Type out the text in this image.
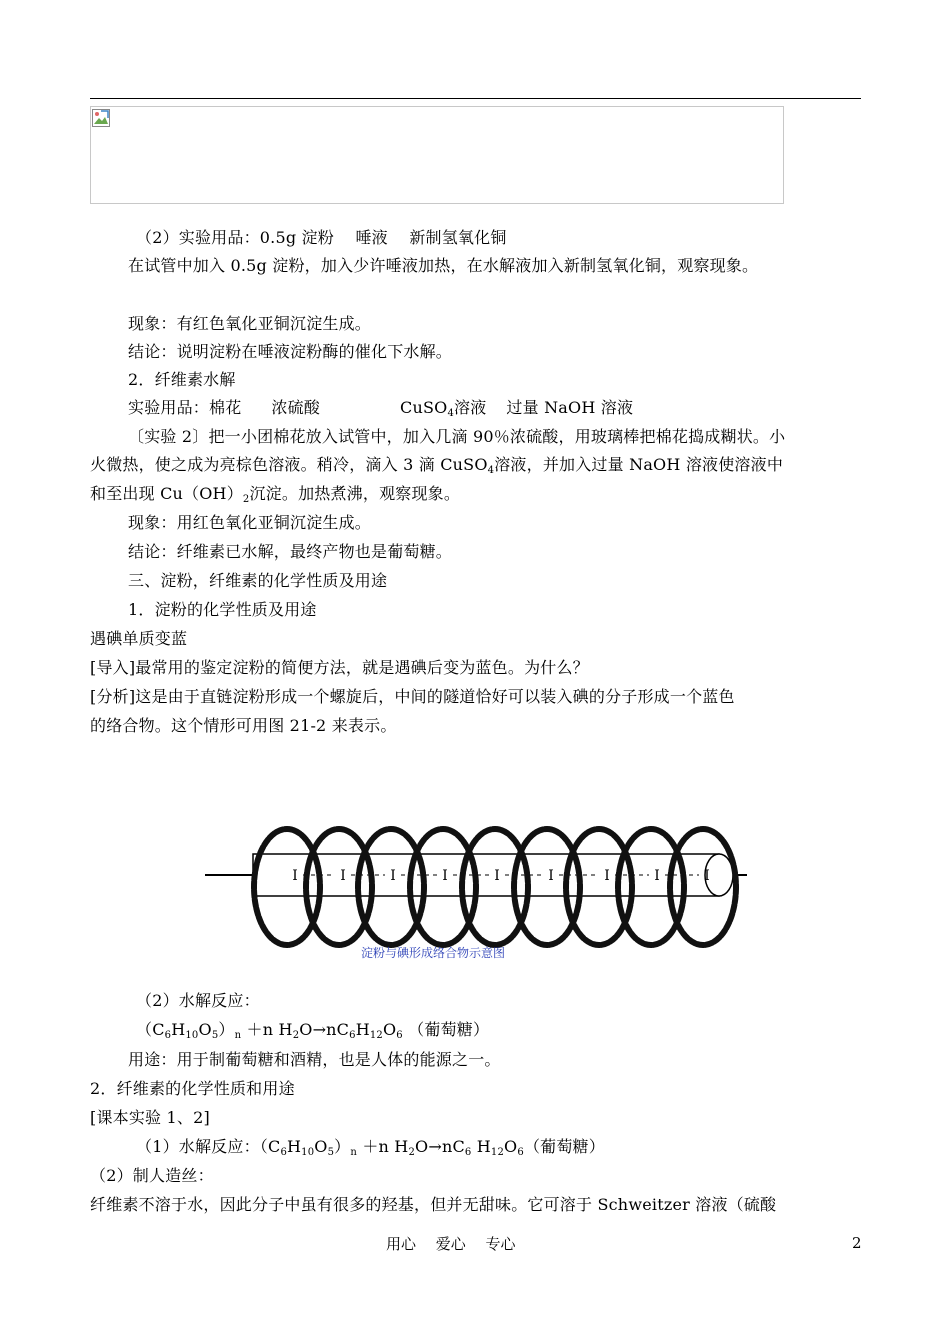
（2）实验用品：0.5g 淀粉　 唾液　 新制氢氧化铜
在试管中加入 0.5g 淀粉，加入少许唾液加热，在水解液加入新制氢氧化铜，观察现象。
现象：有红色氧化亚铜沉淀生成。
结论：说明淀粉在唾液淀粉酶的催化下水解。
2．纤维素水解
实验用品：棉花 浓硫酸	CuSO$_4$溶液 过量 NaOH 溶液
〔实验 2〕把一小团棉花放入试管中，加入几滴 90％浓硫酸，用玻璃棒把棉花捣成糊状。小
火微热，使之成为亮棕色溶液。稍冷，滴入 3 滴 CuSO$_4$溶液，并加入过量 NaOH 溶液使溶液中
和至出现 $Cu(OH)_2$沉淀。加热煮沸，观察现象。
现象：用红色氧化亚铜沉淀生成。
结论：纤维素已水解，最终产物也是葡萄糖。
三、淀粉，纤维素的化学性质及用途
1．淀粉的化学性质及用途
遇碘单质变蓝
[导入]最常用的鉴定淀粉的简便方法，就是遇碘后变为蓝色。为什么？
[分析]这是由于直链淀粉形成一个螺旋后，中间的隧道恰好可以装入碘的分子形成一个蓝色
的络合物。这个情形可用图 21-2 来表示。
I	I	I	I	I	I	I	I	I
淀粉与碘形成络合物示意图
（2）水解反应：
$(C_6H_{10}O_5)_n +n$ $H_2O\to nC_6H_{12}O_6$ （葡萄糖）
用途：用于制葡萄糖和酒精，也是人体的能源之一。
2．纤维素的化学性质和用途
[课本实验 1、2]
（1）水解反应：$(C_6H_{10}O_5)_n +n$ $H_2O\to nC_6$ $H_{12}O_6$（葡萄糖）
（2）制人造丝：
纤维素不溶于水，因此分子中虽有很多的羟基，但并无甜味。它可溶于 Schweitzer 溶液（硫酸
用心　 爱心　 专心	2
